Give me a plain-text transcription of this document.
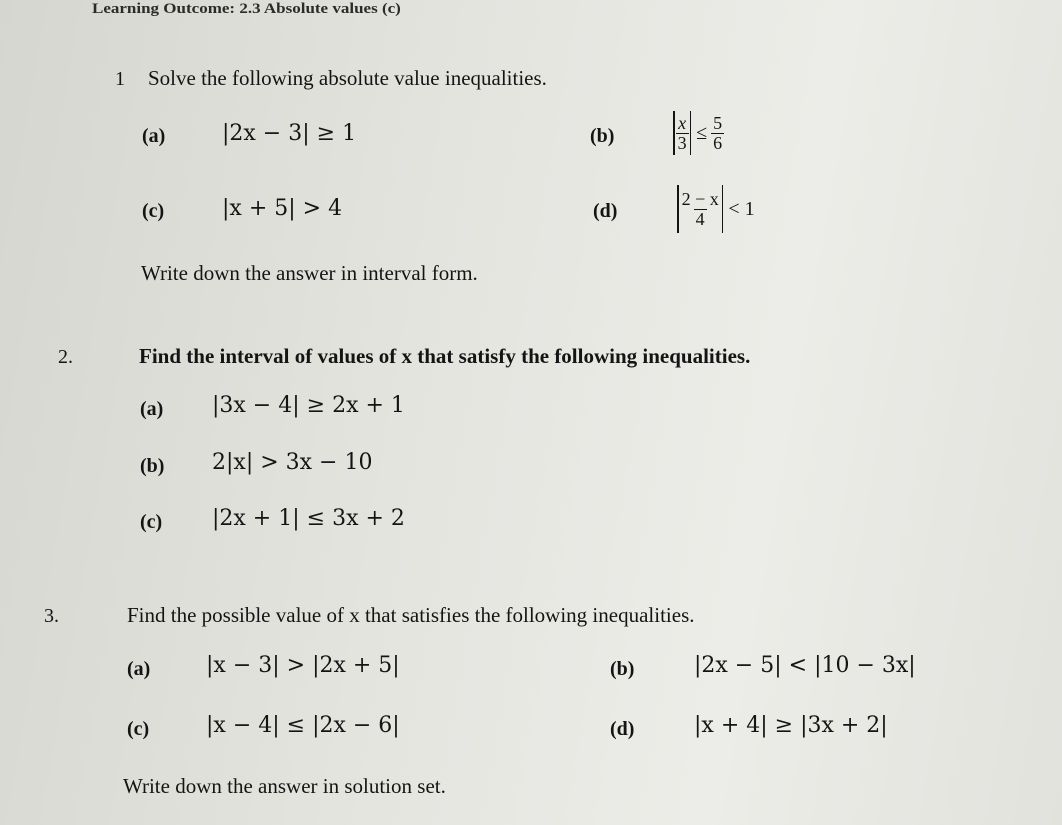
Learning Outcome: 2.3 Absolute values (c)
1 Solve the following absolute value inequalities.
(a)	|2x − 3| ≥ 1	(b)	$\frac{x}{3} \le \frac{5}{6}$
(c)	|x + 5| > 4	(d)	$\frac{2 - x}{4} < 1$
Write down the answer in interval form.
2.	Find the interval of values of x that satisfy the following inequalities.
(a) |3x − 4| ≥ 2x + 1
(b) 2|x| > 3x − 10
(c) |2x + 1| ≤ 3x + 2
3.	Find the possible value of x that satisfies the following inequalities.
(a)	|x − 3| > |2x + 5|	(b)	|2x − 5| < |10 − 3x|
(c)	|x − 4| ≤ |2x − 6|	(d)	|x + 4| ≥ |3x + 2|
Write down the answer in solution set.
